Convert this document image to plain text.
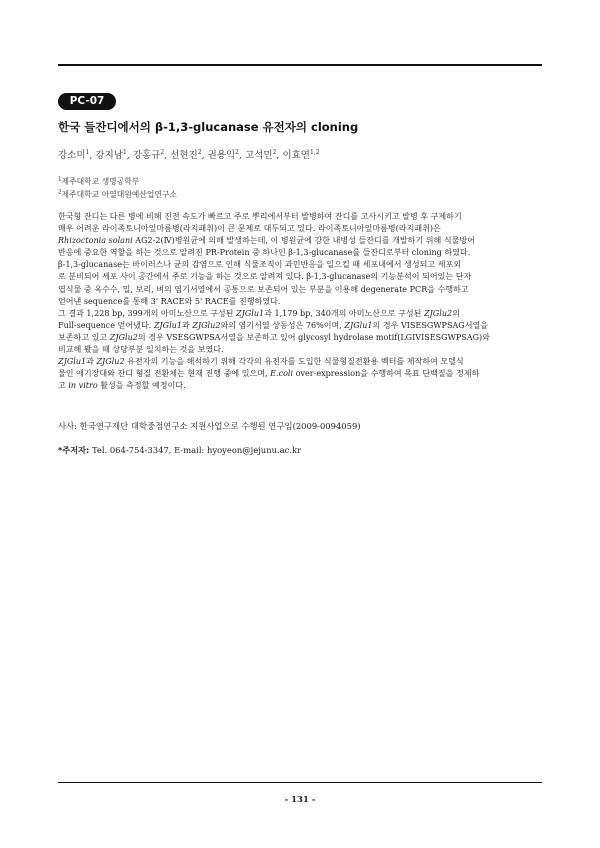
PC-07
한국 들잔디에서의 β-1,3-glucanase 유전자의 cloning
강소미$^1$, 강지남$^1$, 강홍규$^2$, 선현진$^2$, 권용익$^2$, 고석민$^2$, 이효연$^{1,2}$
$^1$제주대학교 생명공학부
$^2$제주대학교 아열대원예산업연구소

한국형 잔디는 다른 병에 비해 진전 속도가 빠르고 주로 뿌리에서부터 발병하여 잔디를 고사시키고 발병 후 구제하기

매우 어려운 라이족토니아잎마름병(라지패취)이 큰 문제로 대두되고 있다. 라이족토니아잎마름병(라지패취)은

Rhizoctonia solani AG2-2(Ⅳ)병원균에 의해 발생하는데, 이 병원균에 강한 내병성 들잔디를 개발하기 위해 식물방어

반응에 중요한 역할을 하는 것으로 알려진 PR-Protein 중 하나인 β-1,3-glucanase를 들잔디로부터 cloning 하였다.

β-1,3-glucanase는 바이러스나 균의 감염으로 인해 식물조직이 과민반응을 일으킬 때 세포내에서 생성되고 세포외

로 분비되어 세포 사이 공간에서 주로 기능을 하는 것으로 알려져 있다. β-1,3-glucanase의 기능분석이 되어있는 단자

엽식물 중 옥수수, 밀, 보리, 벼의 염기서열에서 공통으로 보존되어 있는 부분을 이용해 degenerate PCR을 수행하고

얻어낸 sequence를 통해 3' RACE와 5' RACE를 진행하였다.

그 결과 1,228 bp, 399개의 아미노산으로 구성된 ZJGlu1과 1,179 bp, 340개의 아미노산으로 구성된 ZJGlu2의

Full-sequence 얻어냈다. ZJGlu1과 ZJGlu2와의 염기서열 상동성은 76%이며, ZJGlu1의 경우 VISESGWPSAG서열을

보존하고 있고 ZJGlu2의 경우 VSESGWPSA서열을 보존하고 있어 glycosyl hydrolase motif(LGIVISESGWPSAG)와

비교해 봤을 때 상당부분 일치하는 것을 보였다.

ZJGlu1과 ZJGlu2 유전자의 기능을 해석하기 위해 각각의 유전자를 도입한 식물형질전환용 벡터를 제작하여 모델식

물인 애기장대와 잔디 형질 전환체는 현재 진행 중에 있으며, E.coli over-expression을 수행하여 목표 단백질을 정제하

고 in vitro 활성을 측정할 예정이다.

사사: 한국연구재단 대학중점연구소 지원사업으로 수행된 연구임(2009-0094059)
*주저자: Tel. 064-754-3347, E-mail: hyoyeon@jejunu.ac.kr
- 131 -
